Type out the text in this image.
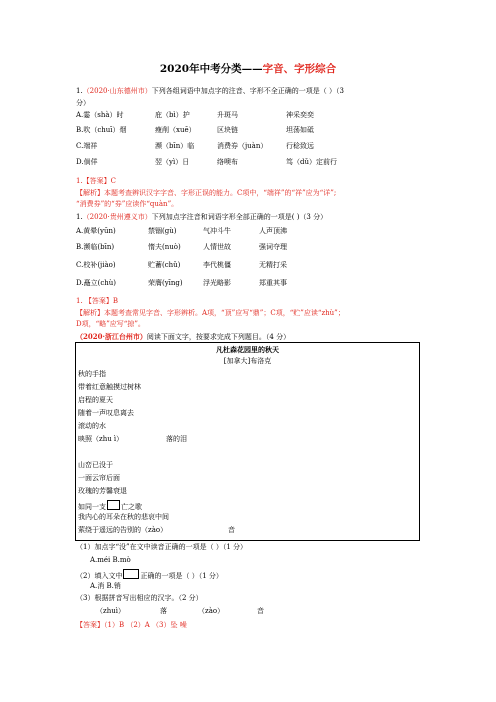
2020年中考分类——字音、字形综合
1.（2020·山东德州市）下列各组词语中加点字的注音、字形不全正确的一项是（ ）（3
分）
A.霎（shà）时	庇（bì）护	升斑马	神采奕奕
B.吹（chuī）烟	瘦削（xuē）	区块链	坦荡如砥
C.端祥	濒（bīn）临	消费券（juàn）	行稔致远
D.倘佯	翌（yì）日	络噢布	笃（dǔ）定前行
1.【答案】C
【解析】本题考查辨识汉字字音、字形正误的能力。C项中，“端祥”的“祥”应为“详”;
“消费券”的“券”应读作“quàn”。
1.（2020·贵州遵义市）下列加点字注音和词语字形全部正确的一项是( )（3 分）
A.黄晕(yūn)	禁锢(gù)	气冲斗牛	人声顶沸
B.濒临(bīn)	惰夫(nuò)	人情世故	强词夺理
C.校补(jiào)	贮蓄(chǔ)	李代桃僵	无精打采
D.矗立(chù)	荣膺(yīng)	浮光略影	郑重其事
1. 【答案】B
【解析】本题考查常见字音、字形辨析。A项，“顶”应写“鼎”；C项，“贮”应读“zhù”；
D项，“略”应写“掠”。
（2020·浙江台州市）阅读下面文字，按要求完成下列题目。（4 分）
凡杜森花园里的秋天
[加拿大]布洛克
秋的手指
带着红意触摸过树林
启程的夏天
随着一声叹息离去
滚动的水
映照（zhu ì）	落的泪
山峦已没于
一面云帘后面
玫瑰的芳馨衰退
如同一支 亡之歌
我内心的耳朵在秋的悲哀中间
萦绕于遥远的告别的（zào）	音
（1）加点字“没”在文中读音正确的一项是（ ）（1 分）
A.méi B.mò
（2）填入文中	正确的一项是（ ）（1 分）
A.消 B.销
（3）根据拼音写出相应的汉字。（2 分）
（zhuì）	落	（zào）	音
【答案】（1）B （2）A （3）坠 噪
